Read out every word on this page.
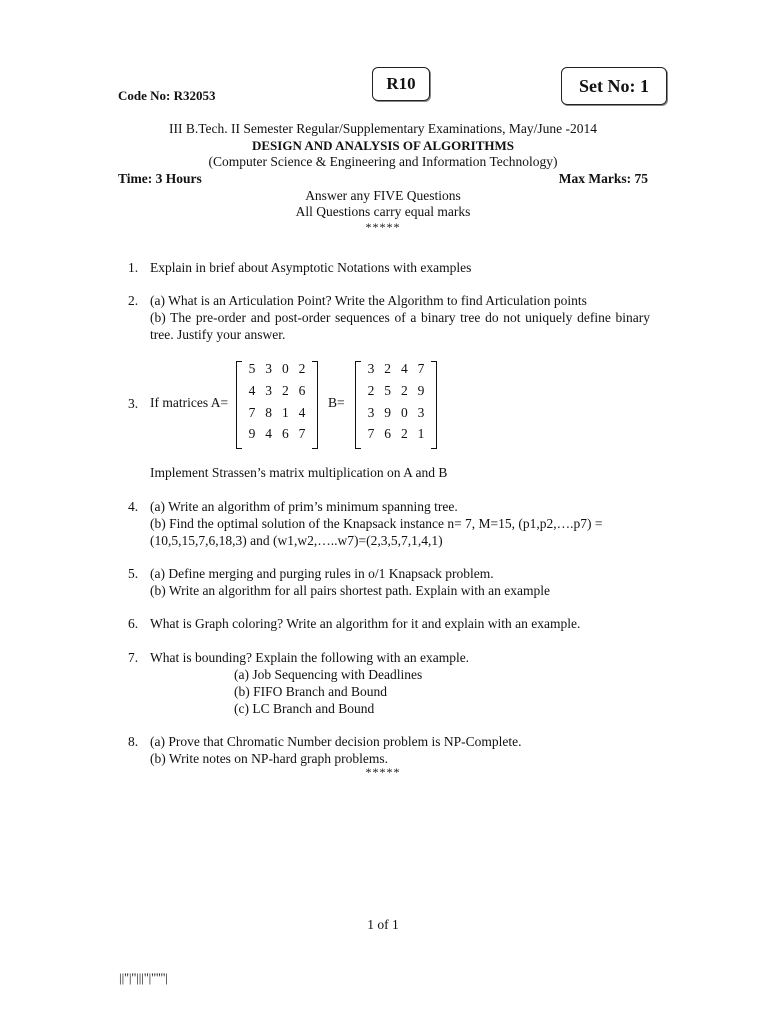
Code No: R32053
R10	Set No: 1
III B.Tech. II Semester Regular/Supplementary Examinations, May/June -2014
DESIGN AND ANALYSIS OF ALGORITHMS
(Computer Science & Engineering and Information Technology)
Time: 3 Hours	Max Marks: 75
Answer any FIVE Questions
All Questions carry equal marks
*****
1. Explain in brief about Asymptotic Notations with examples
2. (a) What is an Articulation Point? Write the Algorithm to find Articulation points
(b) The pre-order and post-order sequences of a binary tree do not uniquely define binary tree. Justify your answer.
3. If matrices A=
5 3 0 2
4 3 2 6
7 8 1 4
9 4 6 7
B=
3 2 4 7
2 5 2 9
3 9 0 3
7 6 2 1
Implement Strassen’s matrix multiplication on A and B
4. (a) Write an algorithm of prim’s minimum spanning tree.
(b) Find the optimal solution of the Knapsack instance n= 7, M=15, (p1,p2,….p7) =
(10,5,15,7,6,18,3) and (w1,w2,…..w7)=(2,3,5,7,1,4,1)
5. (a) Define merging and purging rules in o/1 Knapsack problem.
(b) Write an algorithm for all pairs shortest path. Explain with an example
6. What is Graph coloring? Write an algorithm for it and explain with an example.
7. What is bounding? Explain the following with an example.
(a) Job Sequencing with Deadlines
(b) FIFO Branch and Bound
(c) LC Branch and Bound
8. (a) Prove that Chromatic Number decision problem is NP-Complete.
(b) Write notes on NP-hard graph problems.
*****
1 of 1
||''|''|||''|''''''|
